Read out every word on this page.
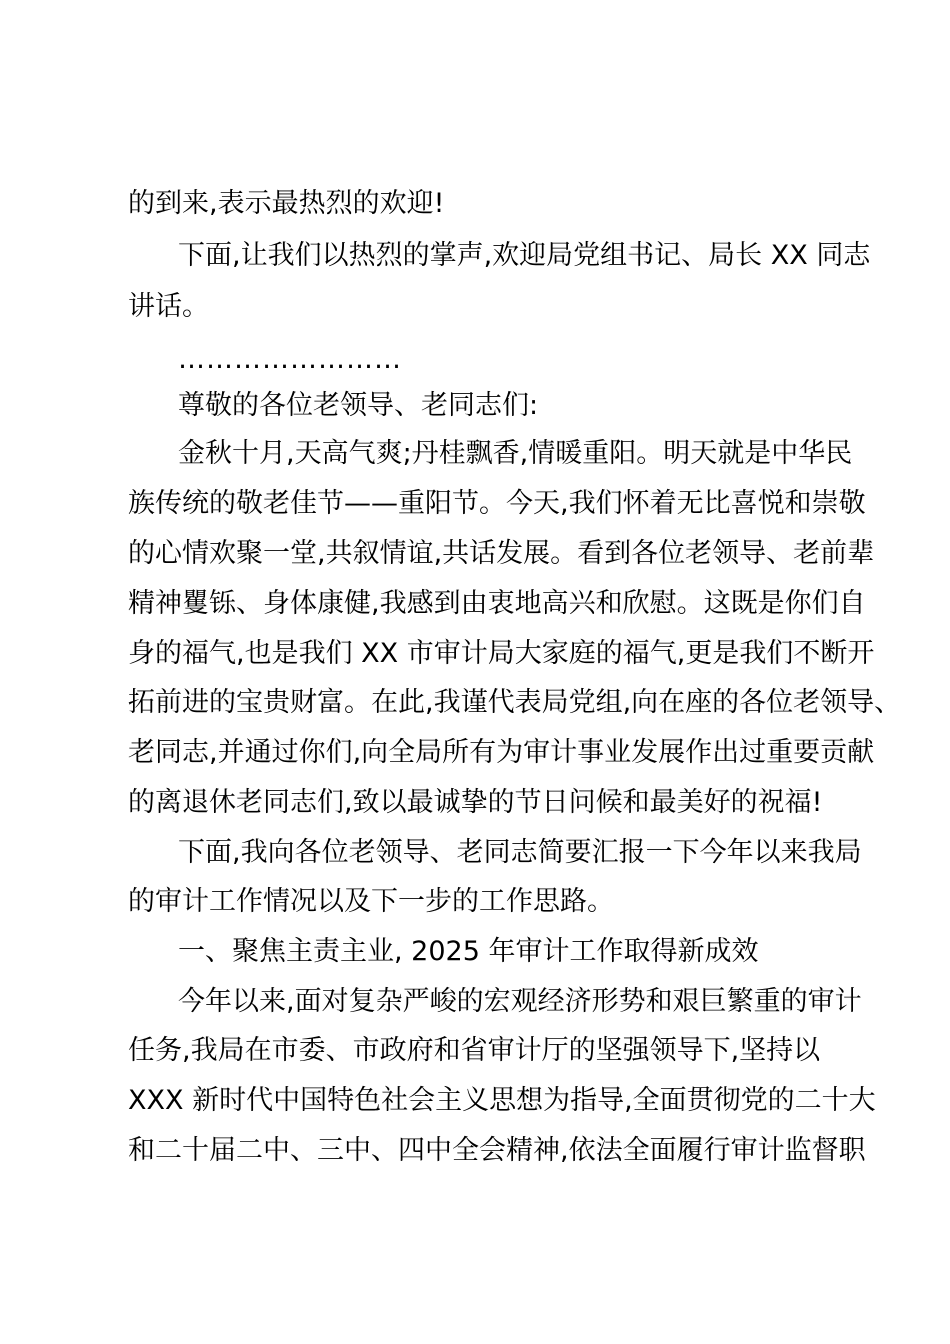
的到来,表示最热烈的欢迎!
下面,让我们以热烈的掌声,欢迎局党组书记、局长 XX 同志
讲话。
……………………
尊敬的各位老领导、老同志们:
金秋十月,天高气爽;丹桂飘香,情暖重阳。明天就是中华民
族传统的敬老佳节——重阳节。今天,我们怀着无比喜悦和崇敬
的心情欢聚一堂,共叙情谊,共话发展。看到各位老领导、老前辈
精神矍铄、身体康健,我感到由衷地高兴和欣慰。这既是你们自
身的福气,也是我们 XX 市审计局大家庭的福气,更是我们不断开
拓前进的宝贵财富。在此,我谨代表局党组,向在座的各位老领导、
老同志,并通过你们,向全局所有为审计事业发展作出过重要贡献
的离退休老同志们,致以最诚挚的节日问候和最美好的祝福!
下面,我向各位老领导、老同志简要汇报一下今年以来我局
的审计工作情况以及下一步的工作思路。
一、聚焦主责主业, 2025 年审计工作取得新成效
今年以来,面对复杂严峻的宏观经济形势和艰巨繁重的审计
任务,我局在市委、市政府和省审计厅的坚强领导下,坚持以
XXX 新时代中国特色社会主义思想为指导,全面贯彻党的二十大
和二十届二中、三中、四中全会精神,依法全面履行审计监督职
